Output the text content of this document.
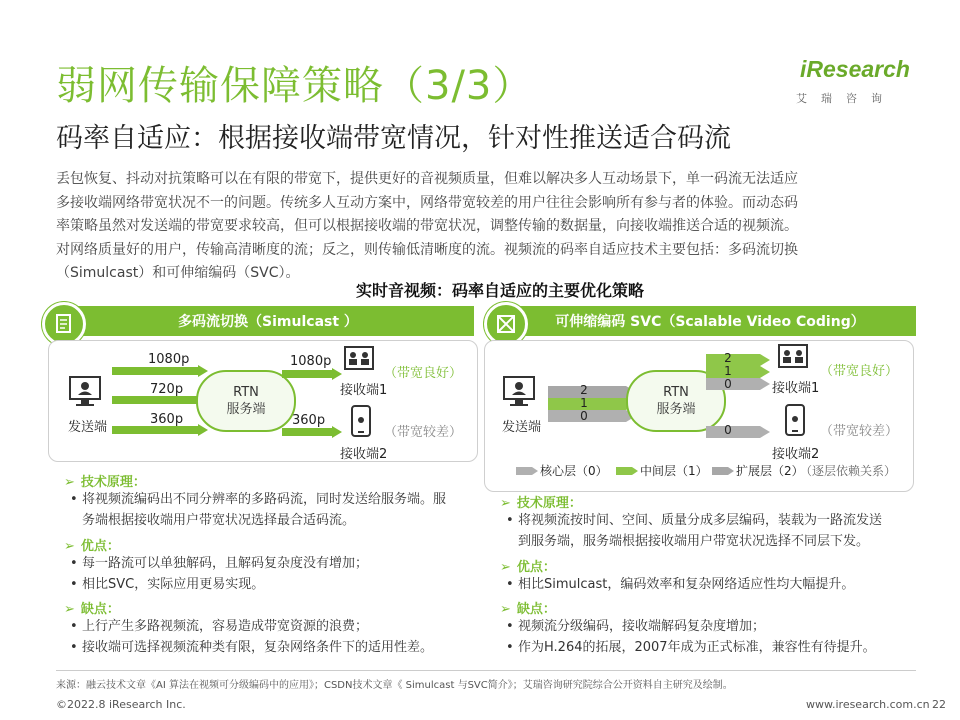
弱网传输保障策略（3/3）
码率自适应：根据接收端带宽情况，针对性推送适合码流
iResearch
艾瑞咨询

丢包恢复、抖动对抗策略可以在有限的带宽下，提供更好的音视频质量，但难以解决多人互动场景下，单一码流无法适应

多接收端网络带宽状况不一的问题。传统多人互动方案中，网络带宽较差的用户往往会影响所有参与者的体验。而动态码

率策略虽然对发送端的带宽要求较高，但可以根据接收端的带宽状况，调整传输的数据量，向接收端推送合适的视频流。

对网络质量好的用户，传输高清晰度的流；反之，则传输低清晰度的流。视频流的码率自适应技术主要包括：多码流切换

（Simulcast）和可伸缩编码（SVC）。

实时音视频：码率自适应的主要优化策略
多码流切换（Simulcast ）
发送端
1080p
720p
360p
RTN
服务端
1080p
360p
接收端1
接收端2
（带宽良好）
（带宽较差）
➢ 技术原理：
• 将视频流编码出不同分辨率的多路码流，同时发送给服务端。服
务端根据接收端用户带宽状况选择最合适码流。
➢ 优点：
• 每一路流可以单独解码，且解码复杂度没有增加；
• 相比SVC，实际应用更易实现。
➢ 缺点：
• 上行产生多路视频流，容易造成带宽资源的浪费；
• 接收端可选择视频流种类有限，复杂网络条件下的适用性差。
可伸缩编码 SVC（Scalable Video Coding）
发送端
2
1
0
RTN
服务端
2
1
0
0
接收端1
接收端2
（带宽良好）
（带宽较差）
核心层（0）	中间层（1） 扩展层（2）
（逐层依赖关系）
➢ 技术原理：
• 将视频流按时间、空间、质量分成多层编码，装载为一路流发送
到服务端，服务端根据接收端用户带宽状况选择不同层下发。
➢ 优点：
• 相比Simulcast，编码效率和复杂网络适应性均大幅提升。
➢ 缺点：
• 视频流分级编码，接收端解码复杂度增加；
• 作为H.264的拓展，2007年成为正式标准，兼容性有待提升。
来源：融云技术文章《AI 算法在视频可分级编码中的应用》；CSDN技术文章《 Simulcast 与SVC简介》；艾瑞咨询研究院综合公开资料自主研究及绘制。
©2022.8 iResearch Inc.	www.iresearch.com.cn 22
